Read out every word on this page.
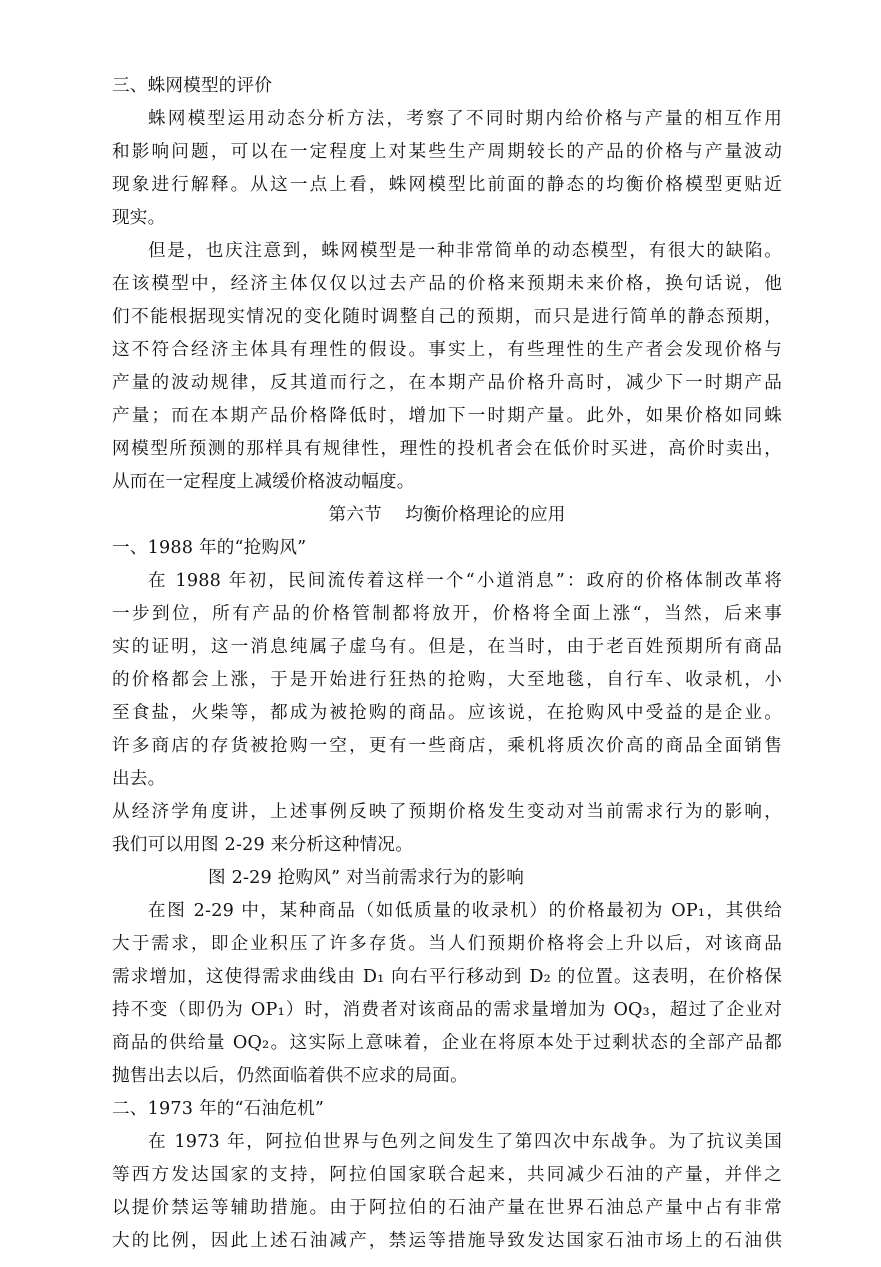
三、蛛网模型的评价
蛛网模型运用动态分析方法，考察了不同时期内给价格与产量的相互作用
和影响问题，可以在一定程度上对某些生产周期较长的产品的价格与产量波动
现象进行解释。从这一点上看，蛛网模型比前面的静态的均衡价格模型更贴近
现实。
但是，也庆注意到，蛛网模型是一种非常简单的动态模型，有很大的缺陷。
在该模型中，经济主体仅仅以过去产品的价格来预期未来价格，换句话说，他
们不能根据现实情况的变化随时调整自己的预期，而只是进行简单的静态预期，
这不符合经济主体具有理性的假设。事实上，有些理性的生产者会发现价格与
产量的波动规律，反其道而行之，在本期产品价格升高时，减少下一时期产品
产量；而在本期产品价格降低时，增加下一时期产量。此外，如果价格如同蛛
网模型所预测的那样具有规律性，理性的投机者会在低价时买进，高价时卖出，
从而在一定程度上减缓价格波动幅度。
第六节　 均衡价格理论的应用
一、1988 年的“抢购风”
在 1988 年初，民间流传着这样一个“小道消息”：政府的价格体制改革将
一步到位，所有产品的价格管制都将放开，价格将全面上涨“，当然，后来事
实的证明，这一消息纯属子虚乌有。但是，在当时，由于老百姓预期所有商品
的价格都会上涨，于是开始进行狂热的抢购，大至地毯，自行车、收录机，小
至食盐，火柴等，都成为被抢购的商品。应该说，在抢购风中受益的是企业。
许多商店的存货被抢购一空，更有一些商店，乘机将质次价高的商品全面销售
出去。
从经济学角度讲，上述事例反映了预期价格发生变动对当前需求行为的影响，
我们可以用图 2-29 来分析这种情况。
图 2-29 抢购风” 对当前需求行为的影响
在图 2-29 中，某种商品（如低质量的收录机）的价格最初为 OP₁，其供给
大于需求，即企业积压了许多存货。当人们预期价格将会上升以后，对该商品
需求增加，这使得需求曲线由 D₁ 向右平行移动到 D₂ 的位置。这表明，在价格保
持不变（即仍为 OP₁）时，消费者对该商品的需求量增加为 OQ₃，超过了企业对
商品的供给量 OQ₂。这实际上意味着，企业在将原本处于过剩状态的全部产品都
抛售出去以后，仍然面临着供不应求的局面。
二、1973 年的“石油危机”
在 1973 年，阿拉伯世界与色列之间发生了第四次中东战争。为了抗议美国
等西方发达国家的支持，阿拉伯国家联合起来，共同减少石油的产量，并伴之
以提价禁运等辅助措施。由于阿拉伯的石油产量在世界石油总产量中占有非常
大的比例，因此上述石油减产，禁运等措施导致发达国家石油市场上的石油供
